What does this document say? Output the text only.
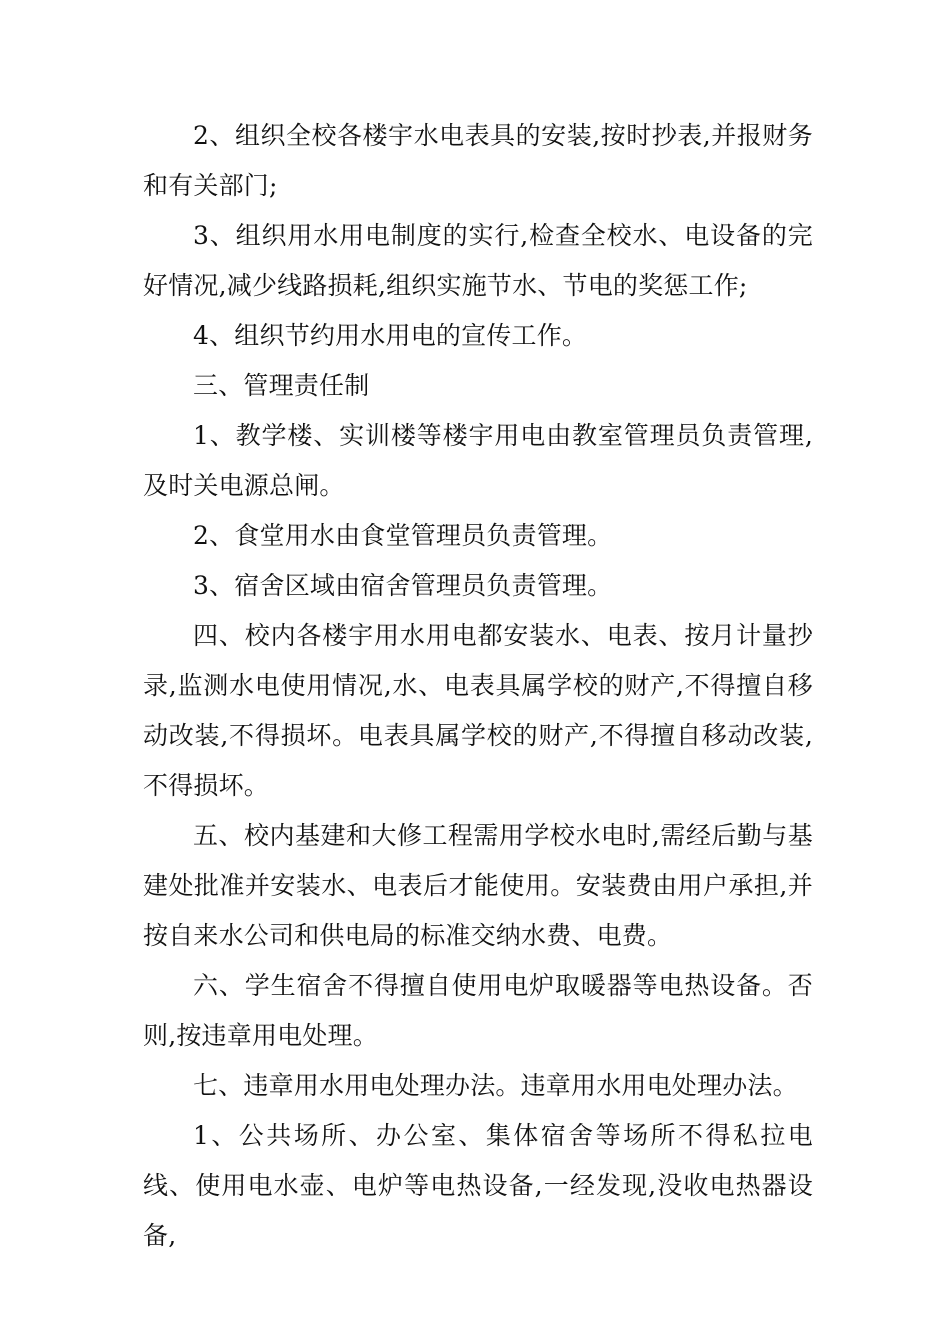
2、组织全校各楼宇水电表具的安装,按时抄表,并报财务和有关部门;

3、组织用水用电制度的实行,检查全校水、电设备的完好情况,减少线路损耗,组织实施节水、节电的奖惩工作;

4、组织节约用水用电的宣传工作。

三、管理责任制

1、教学楼、实训楼等楼宇用电由教室管理员负责管理,及时关电源总闸。

2、食堂用水由食堂管理员负责管理。

3、宿舍区域由宿舍管理员负责管理。

四、校内各楼宇用水用电都安装水、电表、按月计量抄录,监测水电使用情况,水、电表具属学校的财产,不得擅自移动改装,不得损坏。电表具属学校的财产,不得擅自移动改装,不得损坏。

五、校内基建和大修工程需用学校水电时,需经后勤与基建处批准并安装水、电表后才能使用。安装费由用户承担,并按自来水公司和供电局的标准交纳水费、电费。

六、学生宿舍不得擅自使用电炉取暖器等电热设备。否则,按违章用电处理。

七、违章用水用电处理办法。违章用水用电处理办法。

1、公共场所、办公室、集体宿舍等场所不得私拉电线、使用电水壶、电炉等电热设备,一经发现,没收电热器设备,
